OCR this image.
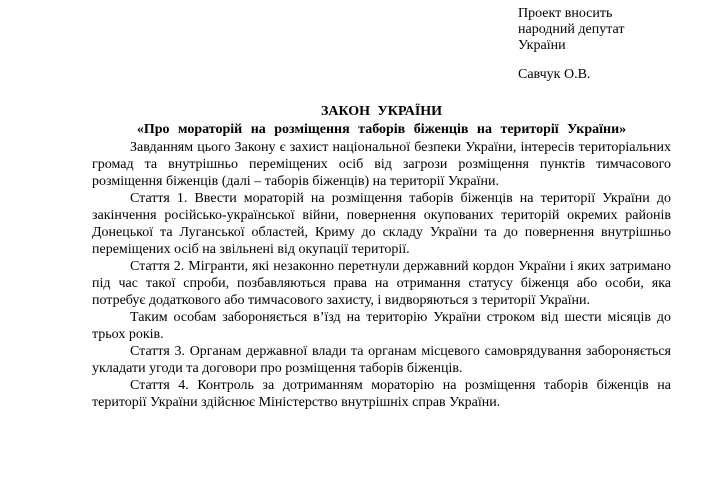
Проект вносить
народний депутат
України
Савчук О.В.
ЗАКОН УКРАЇНИ
«Про мораторій на розміщення таборів біженців на території України»

Завданням цього Закону є захист національної безпеки України, інтересів територіальних громад та внутрішньо переміщених осіб від загрози розміщення пунктів тимчасового розміщення біженців (далі – таборів біженців) на території України.

Стаття 1. Ввести мораторій на розміщення таборів біженців на території України до закінчення російсько-української війни, повернення окупованих територій окремих районів Донецької та Луганської областей, Криму до складу України та до повернення внутрішньо переміщених осіб на звільнені від окупації території.

Стаття 2. Мігранти, які незаконно перетнули державний кордон України і яких затримано під час такої спроби, позбавляються права на отримання статусу біженця або особи, яка потребує додаткового або тимчасового захисту, і видворяються з території України.

Таким особам забороняється в’їзд на територію України строком від шести місяців до трьох років.

Стаття 3. Органам державної влади та органам місцевого самоврядування забороняється укладати угоди та договори про розміщення таборів біженців.

Стаття 4. Контроль за дотриманням мораторію на розміщення таборів біженців на території України здійснює Міністерство внутрішніх справ України.
